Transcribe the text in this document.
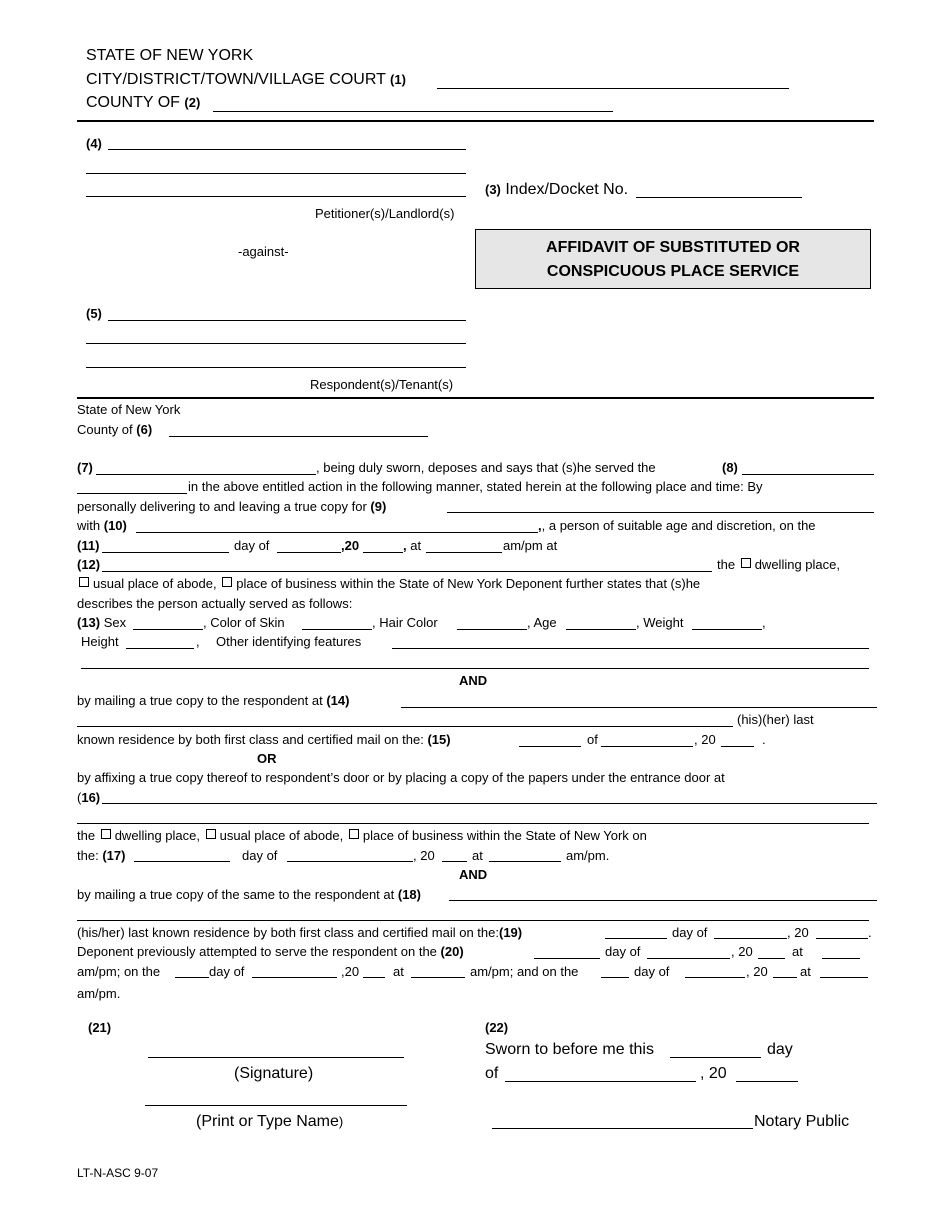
STATE OF NEW YORK
CITY/DISTRICT/TOWN/VILLAGE COURT (1)
COUNTY OF (2)
(4)
Petitioner(s)/Landlord(s)
-against-
(5)
Respondent(s)/Tenant(s)
(3) Index/Docket No.
AFFIDAVIT OF SUBSTITUTED OR
CONSPICUOUS PLACE SERVICE
State of New York
County of (6)
(7)	, being duly sworn, deposes and says that (s)he served the	(8)
in the above entitled action in the following manner, stated herein at the following place and time: By
personally delivering to and leaving a true copy for (9)
with (10)	,, a person of suitable age and discretion, on the
(11)	day of	,20	, at	am/pm at
(12)	the dwelling place,
usual place of abode, place of business within the State of New York Deponent further states that (s)he
describes the person actually served as follows:
(13) Sex	, Color of Skin	, Hair Color	, Age	, Weight	,
Height	, Other identifying features
AND
by mailing a true copy to the respondent at (14)
(his)(her) last
known residence by both first class and certified mail on the: (15)	of	, 20	.
OR
by affixing a true copy thereof to respondent’s door or by placing a copy of the papers under the entrance door at
(16)
the dwelling place, usual place of abode, place of business within the State of New York on
the: (17)	day of	, 20	at	am/pm.
AND
by mailing a true copy of the same to the respondent at (18)
(his/her) last known residence by both first class and certified mail on the:(19)	day of	, 20	.
Deponent previously attempted to serve the respondent on the (20)	day of	, 20	at
am/pm; on the	day of	,20	at	am/pm; and on the	day of	, 20 at
am/pm.
(21)
(Signature)
(Print or Type Name)
(22)
Sworn to before me this	day
of	, 20
Notary Public
LT-N-ASC 9-07
